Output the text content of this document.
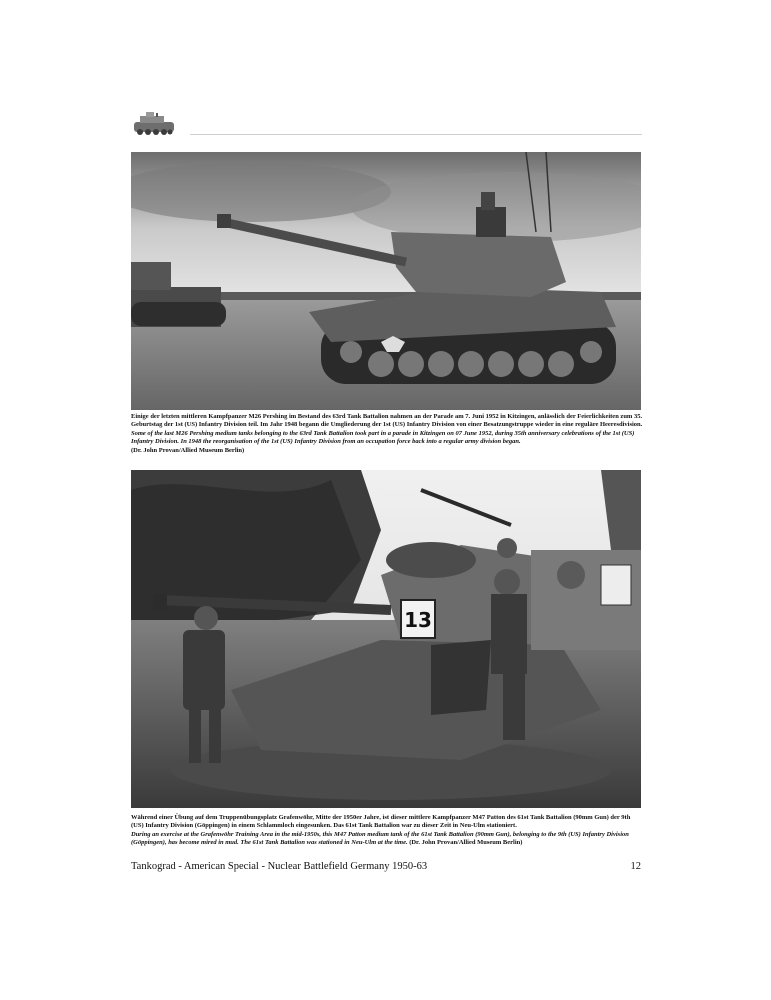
Einige der letzten mittleren Kampfpanzer M26 Pershing im Bestand des 63rd Tank Battalion nahmen an der Parade am 7. Juni 1952 in Kitzingen, anlässlich der Feierlichkeiten zum 35. Geburtstag der 1st (US) Infantry Division teil. Im Jahr 1948 begann die Umgliederung der 1st (US) Infantry Division von einer Besatzungstruppe wieder in eine reguläre Heeresdivision.

Some of the last M26 Pershing medium tanks belonging to the 63rd Tank Battalion took part in a parade in Kitzingen on 07 June 1952, during 35th anniversary celebrations of the 1st (US) Infantry Division. In 1948 the reorganisation of the 1st (US) Infantry Division from an occupation force back into a regular army division began.

(Dr. John Provan/Allied Museum Berlin)

13

Während einer Übung auf dem Truppenübungsplatz Grafenwöhr, Mitte der 1950er Jahre, ist dieser mittlere Kampfpanzer M47 Patton des 61st Tank Battalion (90mm Gun) der 9th (US) Infantry Division (Göppingen) in einem Schlammloch eingesunken. Das 61st Tank Battalion war zu dieser Zeit in Neu-Ulm stationiert.

During an exercise at the Grafenwöhr Training Area in the mid-1950s, this M47 Patton medium tank of the 61st Tank Battalion (90mm Gun), belonging to the 9th (US) Infantry Division (Göppingen), has become mired in mud. The 61st Tank Battalion was stationed in Neu-Ulm at the time. (Dr. John Provan/Allied Museum Berlin)

Tankograd - American Special - Nuclear Battlefield Germany 1950-63	12
